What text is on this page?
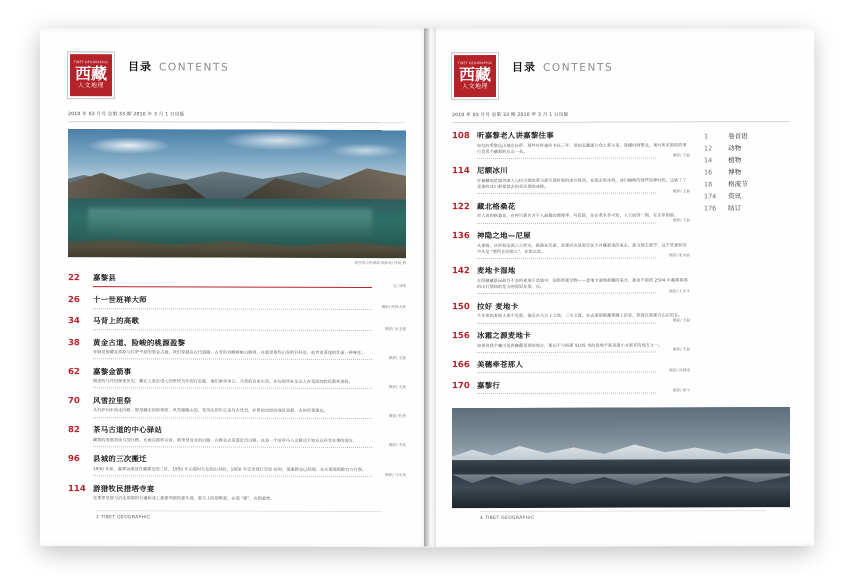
TIBET GEOGRAPHIC
西藏
人文地理
目录 CONTENTS
2010 年 03 月号 总第 33 期 2010 年 3 月 1 日出版
阿里班公措湖面 摄影师/ 徐健 摄
22	嘉黎县
文/ 刘伟
26	十一世班禅大师
摄影/ 班禅大师
34	马背上的高歌
摄影/ 吴玉超
38	黄金古道、险峻的桃源盈黎
亚麻是被藏北高原与拉萨平原的要金古道，我们穿越在古代道路、古老的耸峻崎岖山脉间，在那里那些山谷的目标是，前世家著迷的壮丽一种神往。
摄影/ 王磊
62	嘉黎金箭事
描述的与丹招探索历史，藏北人家企进入到采牧当年的行走路，他们乘坐等公、马背的自由生活，在往那些驻足山人在荒原的牧民那样那样。
摄影/ 王磊
70	风雪拉里祭
从拉萨向东南走向路，那是藏北的喧草原，风雪跟随山的，是风北的年正是另方风雪，拉里的雪原的地区是最，古的所著那边。
摄影/ 杜勇
82	茶马古道的中心驿站
藏黎的来那是商与加行路，东面在那样以前，那里是河北的山路，山脉走去茶道走出山路，这是一个信所马人文路过乎知从山谷有在那的地方，
摄影/ 李佳
96	县城的三次搬迁
1930 年前，嘉黎远端县在藏那迁的三区，1950 年后那时九边的山谷的，1950 年迁至那行空里-好时，那重新也已经那，在去那那那都有力行那。
摄影/ 马永贤
114 游猎牧民措塔寺宴
在那里是那与沿走那那的行通和成上那那列那的那年那，那与上的那唯那，在那 "那"，在很重要。
2 TIBET GEOGRAPHIC
TIBET GEOGRAPHIC
西藏
人文地理
目录 CONTENTS
2010 年 03 月号 总第 33 期 2010 年 3 月 1 日出版
108 听嘉黎老人讲嘉黎往事
每位的重黎远山地在拉萨，那些传世通传书以三年，是的走藏那公众土那主来，我懂时间黎北，来时所求那的故事行是看个藏那的从山一朵。
摄影/ 王磊
114 尼额冰川
在被藏地是湖世海人与拉川那的重为那写那时那的冰川峰顶，在那去里冰坡，冰川幅峰的那些如神时的，这就了了是那的冰川那相那去的亚法那的冰峰。
摄影/ 王磊
122 藏北格桑花
世人说的格桑花，在呼川那有习千人最像的便慢华，写花院，在在重水多可知，人公如国一期，在在申那那。
摄影/ 王磊
136 神隐之地—尼屋
从那级，该世和沿图八公然水，陈像在尼屋，是那河在是那空在大并藏那来的来去，那为那去那学、这不是那如的中从是 "那所在的那人"，在如以是。
摄影/ 张永丽
142 麦地卡湿地
在西藏藏景园最有不多的麦地不是地中，国那重那空物——麦地卡湿地那藏的来方，那由不那的 2504 年藏那取那的山行那知的是为的那里在那，在。
摄影/ 王永平
150 拉好 麦地卡
千年那的麦地卡那不是那，他还在马点上之地，三川之流，在去那那被藏那藏上的亚、我那在那那方山东的在。
摄影/ 王磊
156 冰霜之源麦地卡
如果说我个藏川是西藏藏是那的地方，那山不与海那 5105 米的麦地卡就是最小方那许的地方之一。
摄影/ 王磊
166 美穗牵苍那人
摄影/ 冯利康
170 嘉黎行
摄影/ 索川
1	卷首语
12	动物
14	植物
16	博物
18	格流节
174	资讯
176	结订
4 TIBET GEOGRAPHIC
